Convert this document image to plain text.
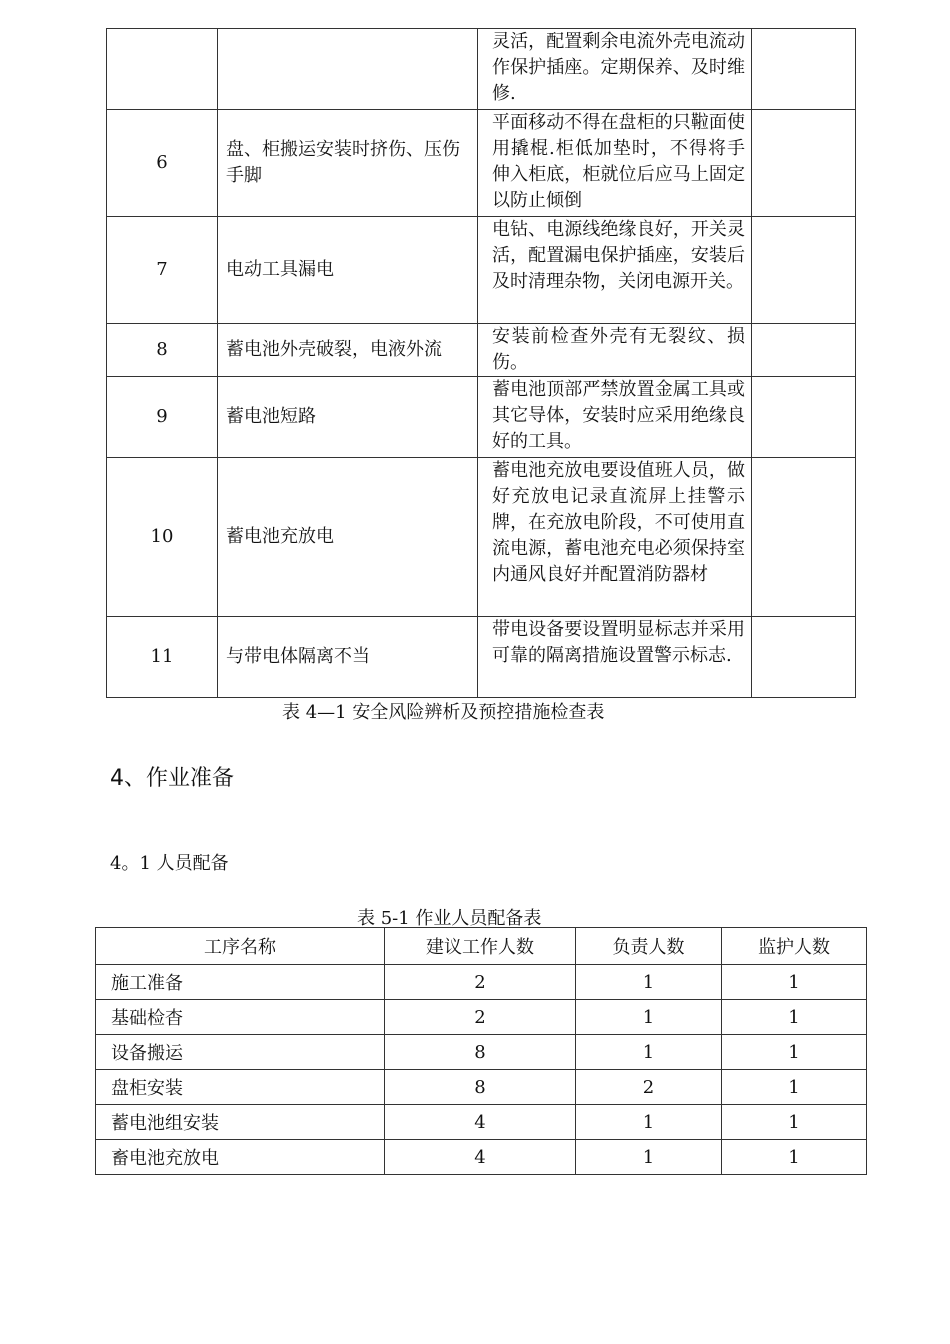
		灵活，配置剩余电流外壳电流动作保护插座。定期保养、及时维修.	
6	盘、柜搬运安装时挤伤、压伤手脚	平面移动不得在盘柜的只鞡面使用撬棍.柜低加垫时，不得将手伸入柜底，柜就位后应马上固定以防止倾倒	
7	电动工具漏电	电钻、电源线绝缘良好，开关灵活，配置漏电保护插座，安装后及时清理杂物，关闭电源开关。	
8	蓄电池外壳破裂，电液外流	安装前检查外壳有无裂纹、损伤。	
9	蓄电池短路	蓄电池顶部严禁放置金属工具或其它导体，安装时应采用绝缘良好的工具。	
10	蓄电池充放电	蓄电池充放电要设值班人员，做好充放电记录直流屏上挂警示牌，在充放电阶段，不可使用直流电源，蓄电池充电必须保持室内通风良好并配置消防器材	
11	与带电体隔离不当	带电设备要设置明显标志并采用可靠的隔离措施设置警示标志.	
表 4—1 安全风险辨析及预控措施检查表
4、作业准备
4。1 人员配备
表 5-1 作业人员配备表
工序名称	建议工作人数	负责人数	监护人数
施工准备	2	1	1
基础检杳	2	1	1
设备搬运	8	1	1
盘柜安装	8	2	1
蓄电池组安装	4	1	1
畜电池充放电	4	1	1
